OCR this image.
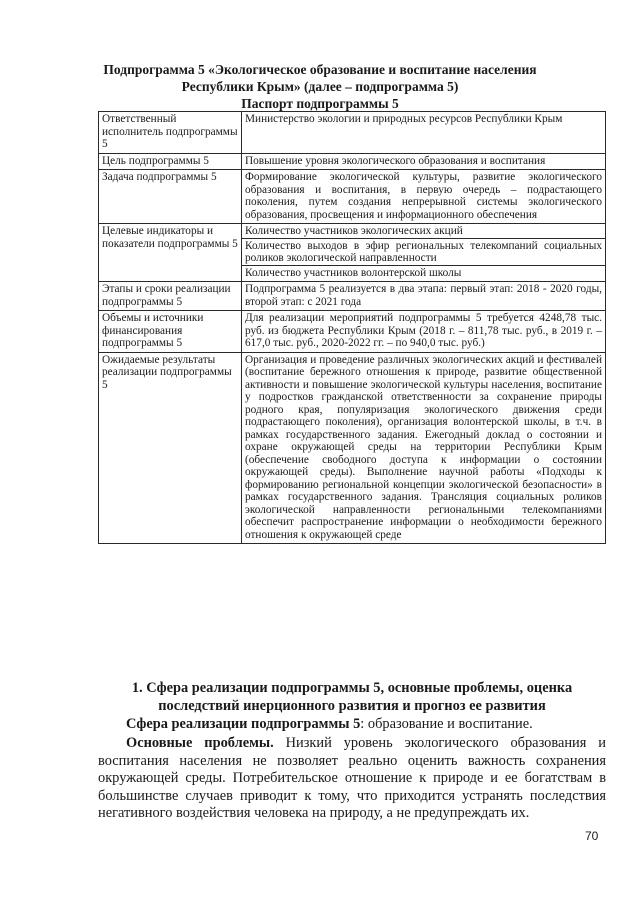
Подпрограмма 5 «Экологическое образование и воспитание населения
Республики Крым» (далее – подпрограмма 5)
Паспорт подпрограммы 5
Ответственный исполнитель подпрограммы 5	Министерство экологии и природных ресурсов Республики Крым
Цель подпрограммы 5	Повышение уровня экологического образования и воспитания
Задача подпрограммы 5	Формирование экологической культуры, развитие экологического образования и воспитания, в первую очередь – подрастающего поколения, путем создания непрерывной системы экологического образования, просвещения и информационного обеспечения
Целевые индикаторы и показатели подпрограммы 5	Количество участников экологических акций
Количество выходов в эфир региональных телекомпаний социальных роликов экологической направленности
Количество участников волонтерской школы

Этапы и сроки реализации подпрограммы 5	Подпрограмма 5 реализуется в два этапа: первый этап: 2018 - 2020 годы, второй этап: с 2021 года
Объемы и источники финансирования подпрограммы 5	Для реализации мероприятий подпрограммы 5 требуется 4248,78 тыс. руб. из бюджета Республики Крым (2018 г. – 811,78 тыс. руб., в 2019 г. – 617,0 тыс. руб., 2020-2022 гг. – по 940,0 тыс. руб.)
Ожидаемые результаты реализации подпрограммы 5	Организация и проведение различных экологических акций и фестивалей (воспитание бережного отношения к природе, развитие общественной активности и повышение экологической культуры населения, воспитание у подростков гражданской ответственности за сохранение природы родного края, популяризация экологического движения среди подрастающего поколения), организация волонтерской школы, в т.ч. в рамках государственного задания. Ежегодный доклад о состоянии и охране окружающей среды на территории Республики Крым (обеспечение свободного доступа к информации о состоянии окружающей среды). Выполнение научной работы «Подходы к формированию региональной концепции экологической безопасности» в рамках государственного задания. Трансляция социальных роликов экологической направленности региональными телекомпаниями обеспечит распространение информации о необходимости бережного отношения к окружающей среде
1. Сфера реализации подпрограммы 5, основные проблемы, оценка последствий инерционного развития и прогноз ее развития
Сфера реализации подпрограммы 5: образование и воспитание.
Основные проблемы. Низкий уровень экологического образования и воспитания населения не позволяет реально оценить важность сохранения окружающей среды. Потребительское отношение к природе и ее богатствам в большинстве случаев приводит к тому, что приходится устранять последствия негативного воздействия человека на природу, а не предупреждать их.
70
